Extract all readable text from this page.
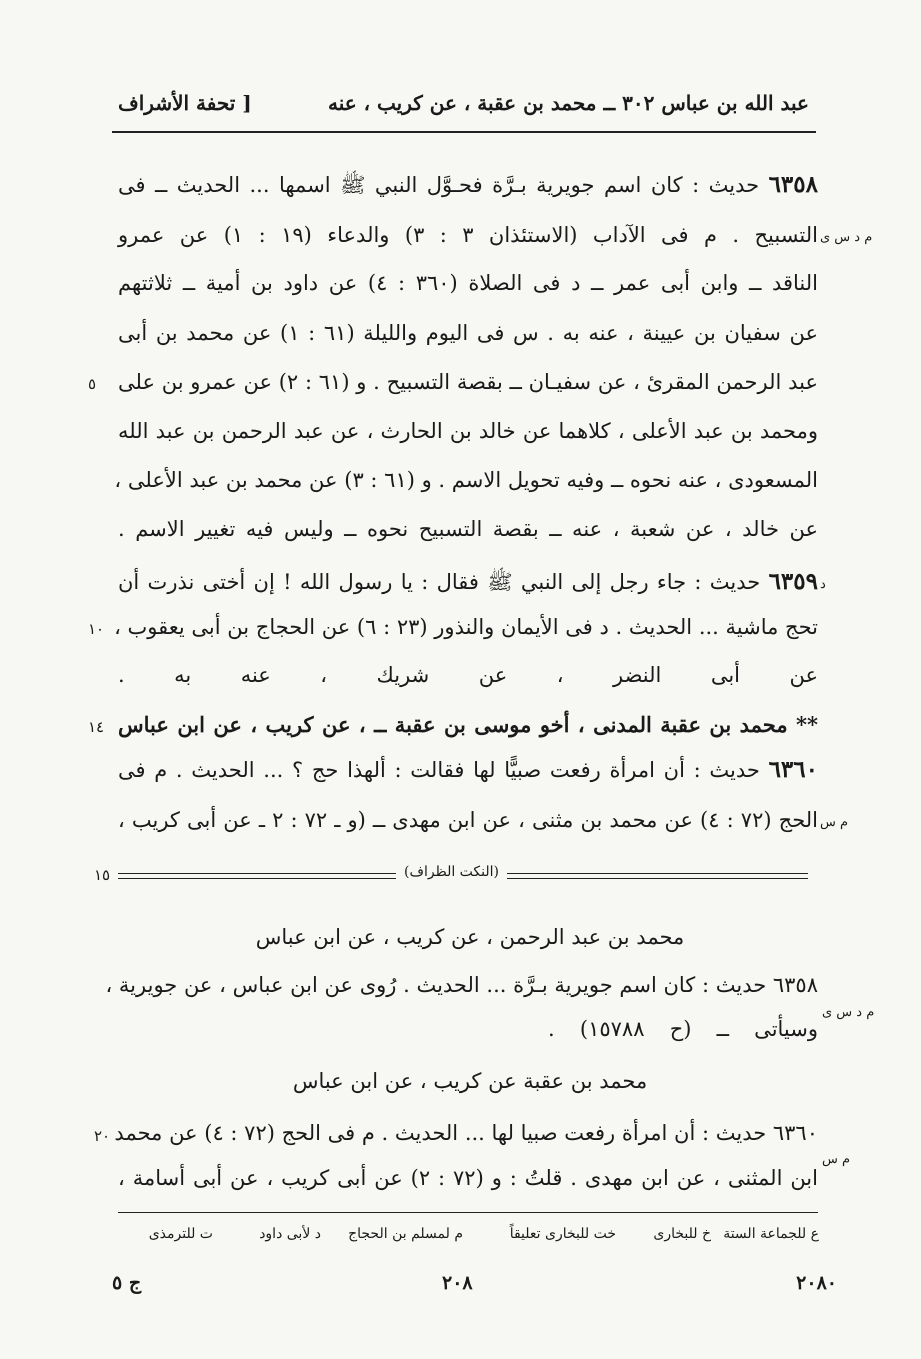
عبد الله بن عباس ٣٠٢ ــ محمد بن عقبة ، عن كريب ، عنه
[ تحفة الأشراف
٦٣٥٨ حديث : كان اسم جويرية بـرَّة فحـوَّل النبي ﷺ اسمها ... الحديث ــ فى
التسبيح . م فى الآداب (الاستئذان ٣ : ٣) والدعاء (١٩ : ١) عن عمرو م د س ى
الناقد ــ وابن أبى عمر ــ د فى الصلاة (٣٦٠ : ٤) عن داود بن أمية ــ ثلاثتهم
عن سفيان بن عيينة ، عنه به . س فى اليوم والليلة (٦١ : ١) عن محمد بن أبى
عبد الرحمن المقرئ ، عن سفيـان ــ بقصة التسبيح . و (٦١ : ٢) عن عمرو بن على
٥
ومحمد بن عبد الأعلى ، كلاهما عن خالد بن الحارث ، عن عبد الرحمن بن عبد الله
المسعودى ، عنه نحوه ــ وفيه تحويل الاسم . و (٦١ : ٣) عن محمد بن عبد الأعلى ،
عن خالد ، عن شعبة ، عنه ــ بقصة التسبيح نحوه ــ وليس فيه تغيير الاسم .
٦٣٥٩ حديث : جاء رجل إلى النبي ﷺ فقال : يا رسول الله ! إن أختى نذرت أن	د
تحج ماشية ... الحديث . د فى الأيمان والنذور (٢٣ : ٦) عن الحجاج بن أبى يعقوب ،
١٠
عن أبى النضر ، عن شريك ، عنه به .
** محمد بن عقبة المدنى ، أخو موسى بن عقبة ــ ، عن كريب ، عن ابن عباس
١٤
٦٣٦٠ حديث : أن امرأة رفعت صبيًّا لها فقالت : ألهذا حج ؟ ... الحديث . م فى
الحج (٧٢ : ٤) عن محمد بن مثنى ، عن ابن مهدى ــ (و ـ ٧٢ : ٢ ـ عن أبى كريب ، م س
(النكت الظراف)
١٥
محمد بن عبد الرحمن ، عن كريب ، عن ابن عباس
٦٣٥٨ حديث : كان اسم جويرية بـرَّة ... الحديث . رُوى عن ابن عباس ، عن جويرية ،
م د س ى
وسيأتى ــ (ح ١٥٧٨٨) .
محمد بن عقبة عن كريب ، عن ابن عباس
٦٣٦٠ حديث : أن امرأة رفعت صبيا لها ... الحديث . م فى الحج (٧٢ : ٤) عن محمد
٢٠
م س
ابن المثنى ، عن ابن مهدى . قلتُ : و (٧٢ : ٢) عن أبى كريب ، عن أبى أسامة ،
ع للجماعة الستة
خ للبخارى
خت للبخارى تعليقاً
م لمسلم بن الحجاج
د لأبى داود
ت للترمذى
٢٠٨٠
٢٠٨
ج ٥
